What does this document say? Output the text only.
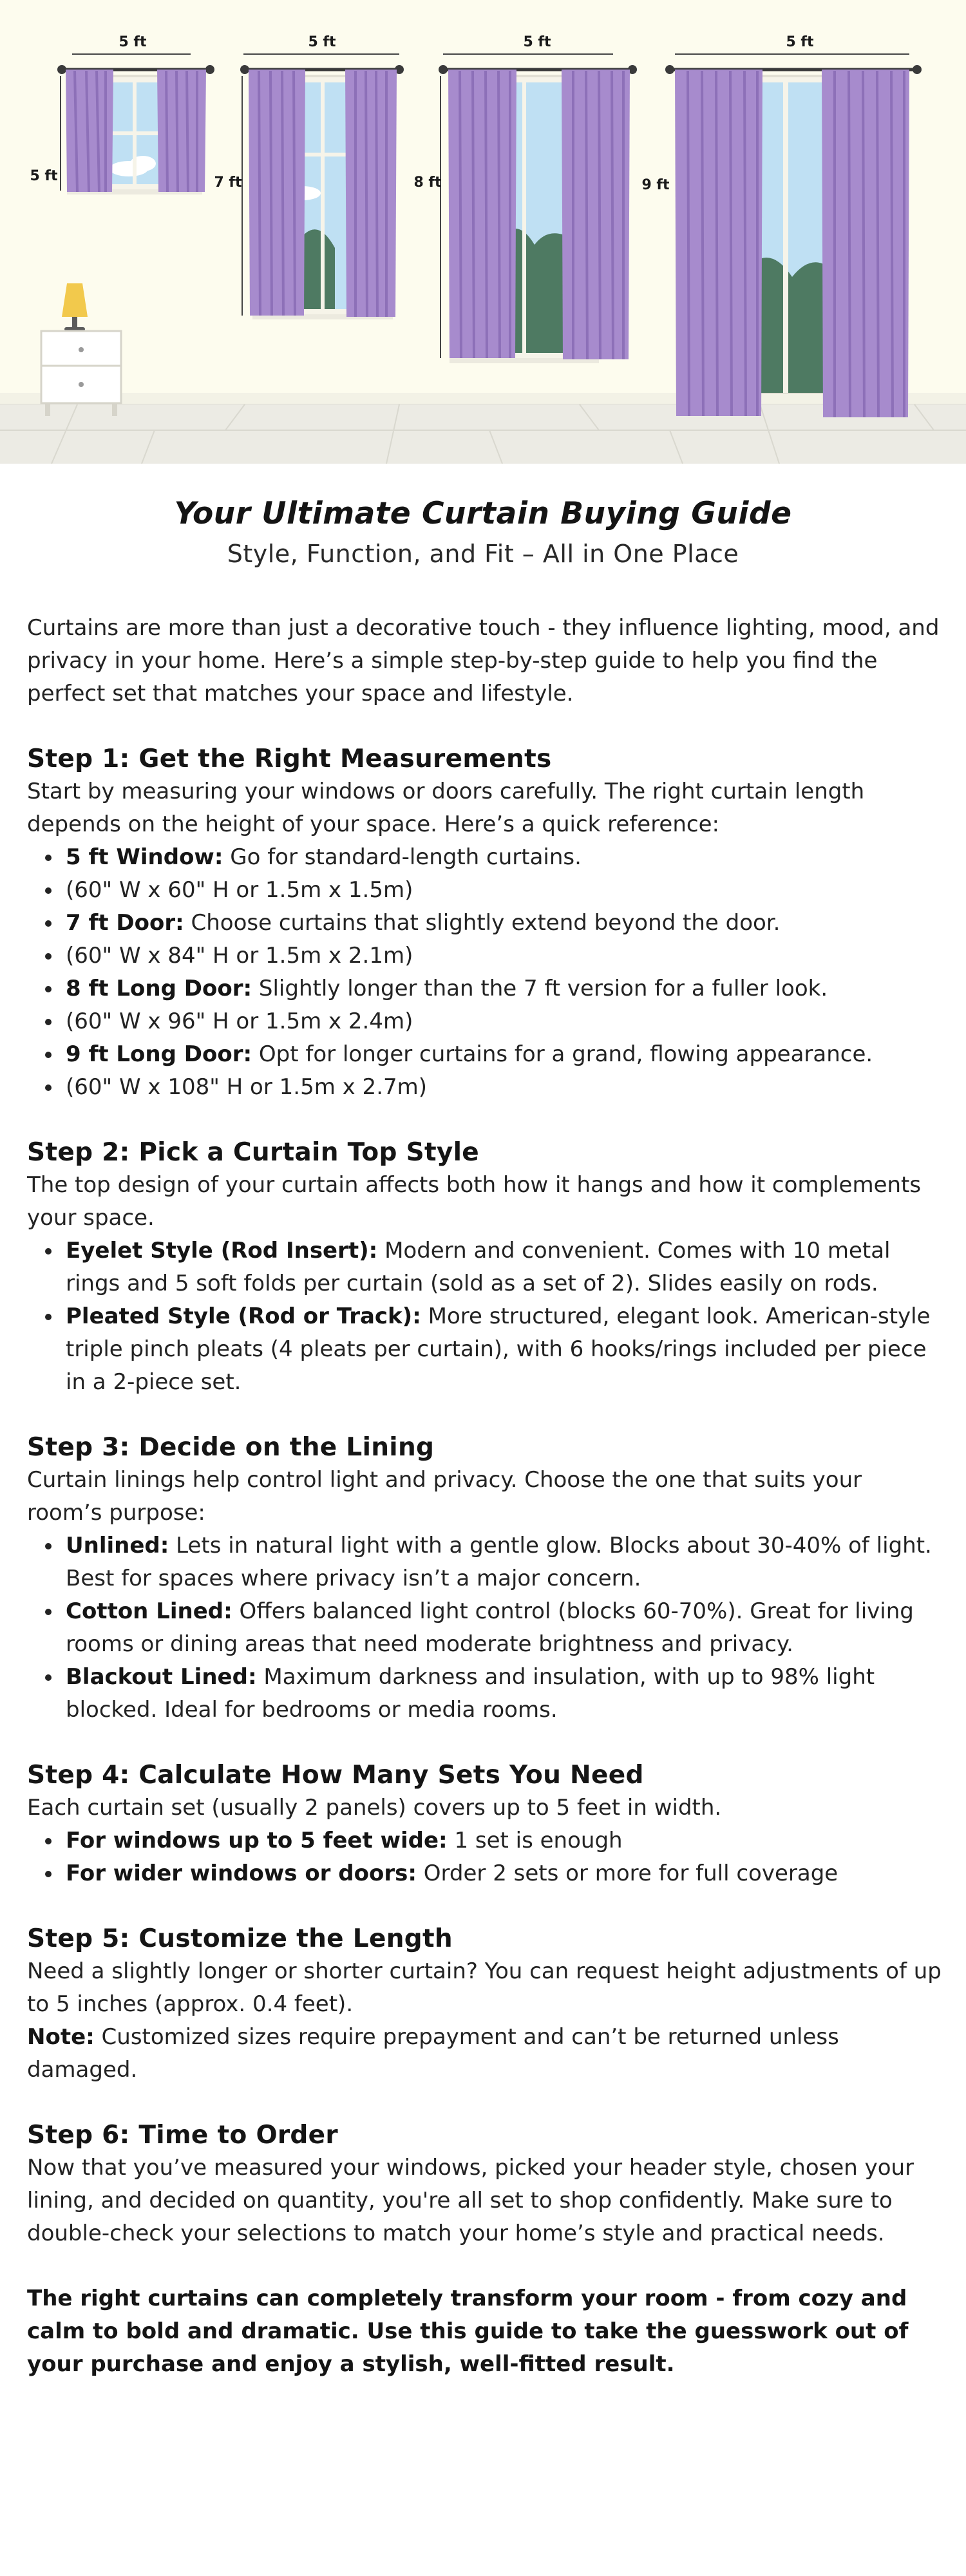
5 ft
5 ft
5 ft
7 ft
5 ft
8 ft
5 ft
9 ft
Your Ultimate Curtain Buying Guide
Style, Function, and Fit – All in One Place

Curtains are more than just a decorative touch - they influence lighting, mood, and privacy in your home. Here’s a simple step-by-step guide to help you find the perfect set that matches your space and lifestyle.

Step 1: Get the Right Measurements

Start by measuring your windows or doors carefully. The right curtain length depends on the height of your space. Here’s a quick reference:

5 ft Window: Go for standard-length curtains.
(60" W x 60" H or 1.5m x 1.5m)
7 ft Door: Choose curtains that slightly extend beyond the door.
(60" W x 84" H or 1.5m x 2.1m)
8 ft Long Door: Slightly longer than the 7 ft version for a fuller look.
(60" W x 96" H or 1.5m x 2.4m)
9 ft Long Door: Opt for longer curtains for a grand, flowing appearance.
(60" W x 108" H or 1.5m x 2.7m)
Step 2: Pick a Curtain Top Style

The top design of your curtain affects both how it hangs and how it complements your space.

Eyelet Style (Rod Insert): Modern and convenient. Comes with 10 metal rings and 5 soft folds per curtain (sold as a set of 2). Slides easily on rods.
Pleated Style (Rod or Track): More structured, elegant look. American-style triple pinch pleats (4 pleats per curtain), with 6 hooks/rings included per piece in a 2-piece set.
Step 3: Decide on the Lining

Curtain linings help control light and privacy. Choose the one that suits your room’s purpose:

Unlined: Lets in natural light with a gentle glow. Blocks about 30-40% of light. Best for spaces where privacy isn’t a major concern.
Cotton Lined: Offers balanced light control (blocks 60-70%). Great for living rooms or dining areas that need moderate brightness and privacy.
Blackout Lined: Maximum darkness and insulation, with up to 98% light blocked. Ideal for bedrooms or media rooms.
Step 4: Calculate How Many Sets You Need

Each curtain set (usually 2 panels) covers up to 5 feet in width.

For windows up to 5 feet wide: 1 set is enough
For wider windows or doors: Order 2 sets or more for full coverage
Step 5: Customize the Length

Need a slightly longer or shorter curtain? You can request height adjustments of up to 5 inches (approx. 0.4 feet).

Note: Customized sizes require prepayment and can’t be returned unless damaged.

Step 6: Time to Order

Now that you’ve measured your windows, picked your header style, chosen your lining, and decided on quantity, you're all set to shop confidently. Make sure to double-check your selections to match your home’s style and practical needs.

The right curtains can completely transform your room - from cozy and calm to bold and dramatic. Use this guide to take the guesswork out of your purchase and enjoy a stylish, well-fitted result.
